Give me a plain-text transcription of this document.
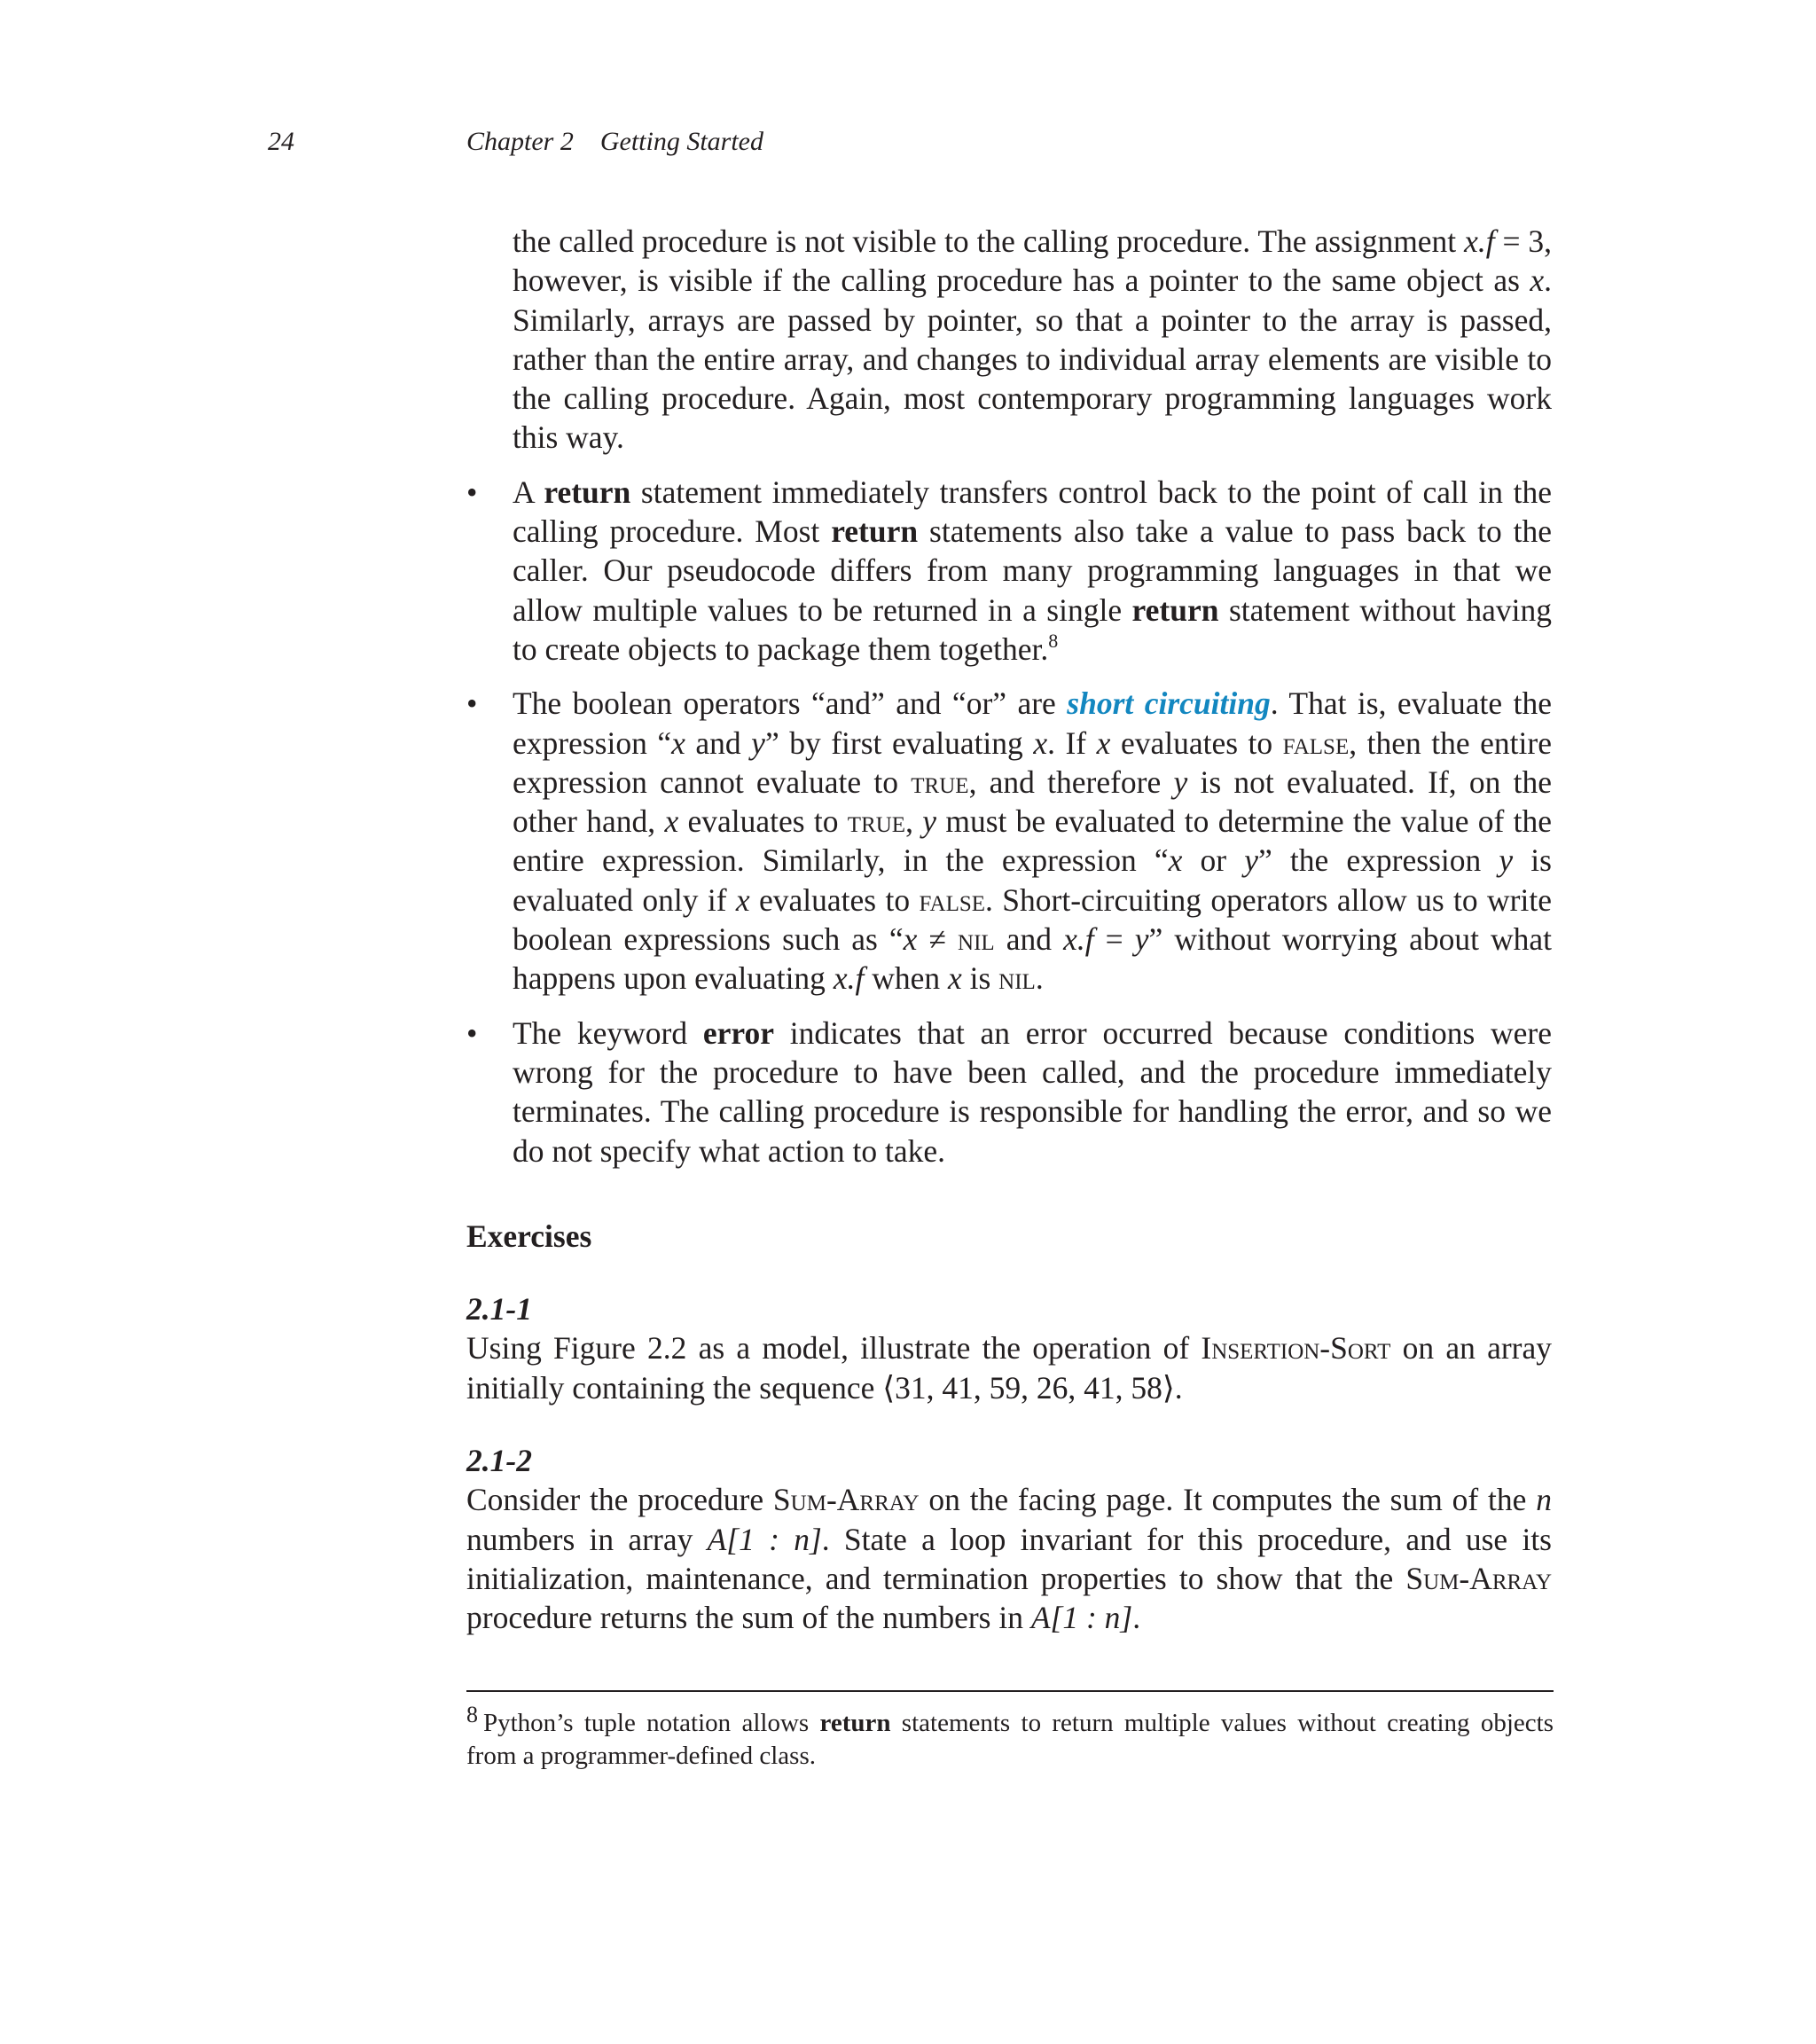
24	Chapter 2 Getting Started

the called procedure is not visible to the calling procedure. The assignment x.f = 3, however, is visible if the calling procedure has a pointer to the same object as x. Similarly, arrays are passed by pointer, so that a pointer to the array is passed, rather than the entire array, and changes to individual array elements are visible to the calling procedure. Again, most contemporary programming languages work this way.

•	A return statement immediately transfers control back to the point of call in the calling procedure. Most return statements also take a value to pass back to the caller. Our pseudocode differs from many programming languages in that we allow multiple values to be returned in a single return statement without having to create objects to package them together.$^8$

•	The boolean operators “and” and “or” are short circuiting. That is, evaluate the expression “x and y” by first evaluating x. If x evaluates to false, then the entire expression cannot evaluate to true, and therefore y is not evaluated. If, on the other hand, x evaluates to true, y must be evaluated to determine the value of the entire expression. Similarly, in the expression “x or y” the expression y is evaluated only if x evaluates to false. Short-circuiting operators allow us to write boolean expressions such as “x ≠ nil and x.f = y” without worrying about what happens upon evaluating x.f when x is nil.

•	The keyword error indicates that an error occurred because conditions were wrong for the procedure to have been called, and the procedure immediately terminates. The calling procedure is responsible for handling the error, and so we do not specify what action to take.

Exercises
2.1-1

Using Figure 2.2 as a model, illustrate the operation of Insertion-Sort on an array initially containing the sequence ⟨31, 41, 59, 26, 41, 58⟩.

2.1-2

Consider the procedure Sum-Array on the facing page. It computes the sum of the n numbers in array A[1 : n]. State a loop invariant for this procedure, and use its initialization, maintenance, and termination properties to show that the Sum-Array procedure returns the sum of the numbers in A[1 : n].

8 Python’s tuple notation allows return statements to return multiple values without creating objects from a programmer-defined class.
